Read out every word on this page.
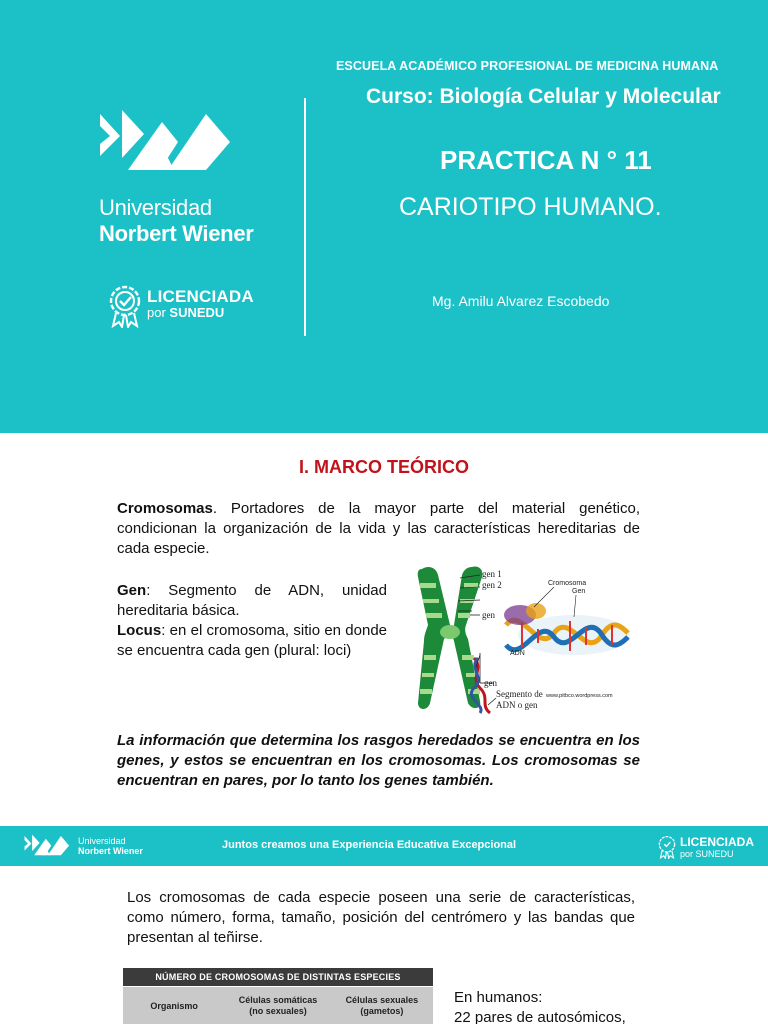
Universidad
Norbert Wiener
LICENCIADA
por SUNEDU
ESCUELA ACADÉMICO PROFESIONAL DE MEDICINA HUMANA
Curso: Biología Celular y Molecular
PRACTICA N ° 11
CARIOTIPO HUMANO.
Mg. Amilu Alvarez Escobedo
I. MARCO TEÓRICO

Cromosomas. Portadores de la mayor parte del material genético, condicionan la organización de la vida y las características hereditarias de cada especie.

Gen: Segmento de ADN, unidad hereditaria básica.
Locus: en el cromosoma, sitio en donde se encuentra cada gen (plural: loci)
gen 1
gen 2
gen
gen
Segmento de
ADN o gen
Cromosoma
Gen
ADN
www.pitbco.wordpress.com

La información que determina los rasgos heredados se encuentra en los genes, y estos se encuentran en los cromosomas. Los cromosomas se encuentran en pares, por lo tanto los genes también.

Universidad
Norbert Wiener	Juntos creamos una Experiencia Educativa Excepcional	LICENCIADA
por SUNEDU

Los cromosomas de cada especie poseen una serie de características, como número, forma, tamaño, posición del centrómero y las bandas que presentan al teñirse.

NÚMERO DE CROMOSOMAS DE DISTINTAS ESPECIES
Organismo	Células somáticas (no sexuales)	Células sexuales (gametos)
En humanos:
22 pares de autosómicos,
